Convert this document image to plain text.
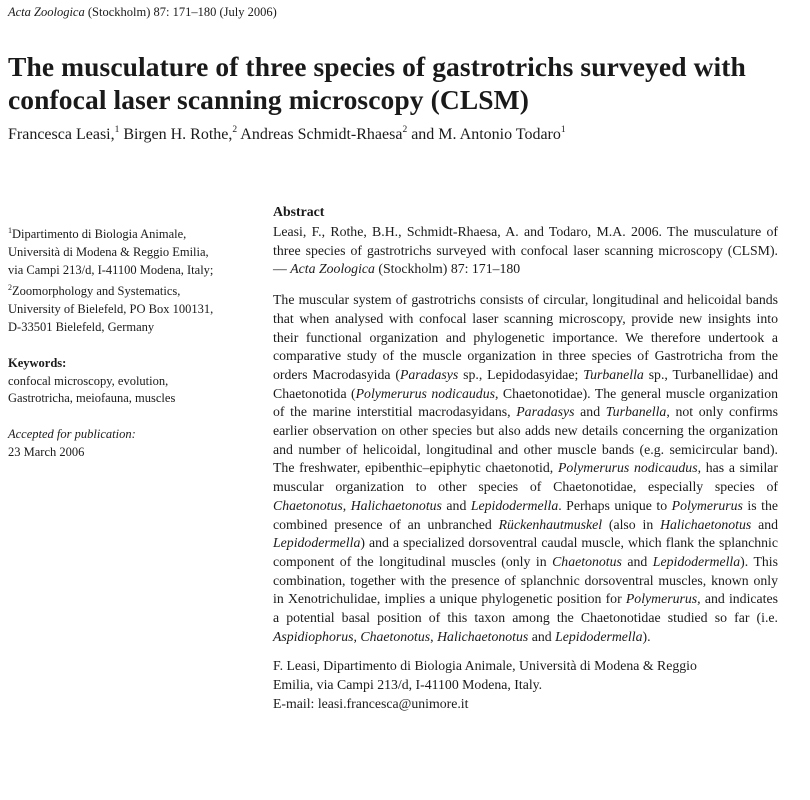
Acta Zoologica (Stockholm) 87: 171–180 (July 2006)
The musculature of three species of gastrotrichs surveyed with confocal laser scanning microscopy (CLSM)
Francesca Leasi,$^1$ Birgen H. Rothe,$^2$ Andreas Schmidt-Rhaesa$^2$ and M. Antonio Todaro$^1$
$^1$Dipartimento di Biologia Animale,
Università di Modena & Reggio Emilia,
via Campi 213/d, I-41100 Modena, Italy;
$^2$Zoomorphology and Systematics,
University of Bielefeld, PO Box 100131,
D-33501 Bielefeld, Germany
Keywords:
confocal microscopy, evolution,
Gastrotricha, meiofauna, muscles
Accepted for publication:
23 March 2006
Abstract
Leasi, F., Rothe, B.H., Schmidt-Rhaesa, A. and Todaro, M.A. 2006. The musculature of three species of gastrotrichs surveyed with confocal laser scanning microscopy (CLSM). — Acta Zoologica (Stockholm) 87: 171–180
The muscular system of gastrotrichs consists of circular, longitudinal and helicoidal bands that when analysed with confocal laser scanning microscopy, provide new insights into their functional organization and phylogenetic importance. We therefore undertook a comparative study of the muscle organization in three species of Gastrotricha from the orders Macrodasyida (Paradasys sp., Lepidodasyidae; Turbanella sp., Turbanellidae) and Chaetonotida (Polymerurus nodicaudus, Chaetonotidae). The general muscle organization of the marine interstitial macrodasyidans, Paradasys and Turbanella, not only confirms earlier observation on other species but also adds new details concerning the organization and number of helicoidal, longitudinal and other muscle bands (e.g. semicircular band). The freshwater, epibenthic–epiphytic chaetonotid, Polymerurus nodicaudus, has a similar muscular organization to other species of Chaetonotidae, especially species of Chaetonotus, Halichaetonotus and Lepidodermella. Perhaps unique to Polymerurus is the combined presence of an unbranched Rückenhautmuskel (also in Halichaetonotus and Lepidodermella) and a specialized dorsoventral caudal muscle, which flank the splanchnic component of the longitudinal muscles (only in Chaetonotus and Lepidodermella). This combination, together with the presence of splanchnic dorsoventral muscles, known only in Xenotrichulidae, implies a unique phylogenetic position for Polymerurus, and indicates a potential basal position of this taxon among the Chaetonotidae studied so far (i.e. Aspidiophorus, Chaetonotus, Halichaetonotus and Lepidodermella).
F. Leasi, Dipartimento di Biologia Animale, Università di Modena & Reggio
Emilia, via Campi 213/d, I-41100 Modena, Italy.
E-mail: leasi.francesca@unimore.it
